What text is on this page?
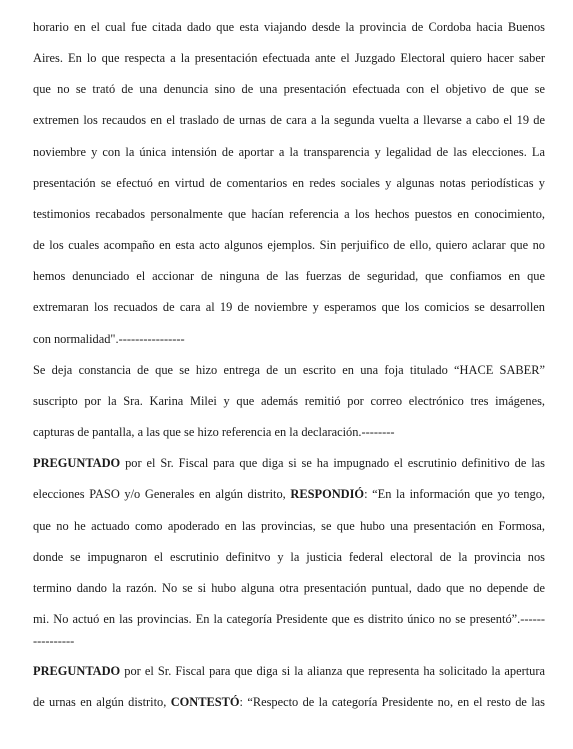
horario en el cual fue citada dado que esta viajando desde la provincia de Cordoba hacia Buenos
Aires. En lo que respecta a la presentación efectuada ante el Juzgado Electoral quiero hacer saber
que no se trató de una denuncia sino de una presentación efectuada con el objetivo de que se
extremen los recaudos en el traslado de urnas de cara a la segunda vuelta a llevarse a cabo el 19 de
noviembre y con la única intensión de aportar a la transparencia y legalidad de las elecciones. La
presentación se efectuó en virtud de comentarios en redes sociales y algunas notas periodísticas y
testimonios recabados personalmente que hacían referencia a los hechos puestos en conocimiento,
de los cuales acompaño en esta acto algunos ejemplos. Sin perjuifico de ello, quiero aclarar que no
hemos denunciado el accionar de ninguna de las fuerzas de seguridad, que confiamos en que
extremaran los recuados de cara al 19 de noviembre y esperamos que los comicios se desarrollen
con normalidad".----------------
Se deja constancia de que se hizo entrega de un escrito en una foja titulado “HACE SABER”
suscripto por la Sra. Karina Milei y que además remitió por correo electrónico tres imágenes,
capturas de pantalla, a las que se hizo referencia en la declaración.--------
PREGUNTADO por el Sr. Fiscal para que diga si se ha impugnado el escrutinio definitivo de las
elecciones PASO y/o Generales en algún distrito, RESPONDIÓ: “En la información que yo tengo,
que no he actuado como apoderado en las provincias, se que hubo una presentación en Formosa,
donde se impugnaron el escrutinio definitvo y la justicia federal electoral de la provincia nos
termino dando la razón. No se si hubo alguna otra presentación puntual, dado que no depende de
mi. No actuó en las provincias. En la categoría Presidente que es distrito único no se presentó”.------
----------
PREGUNTADO por el Sr. Fiscal para que diga si la alianza que representa ha solicitado la apertura
de urnas en algún distrito, CONTESTÓ: “Respecto de la categoría Presidente no, en el resto de las
